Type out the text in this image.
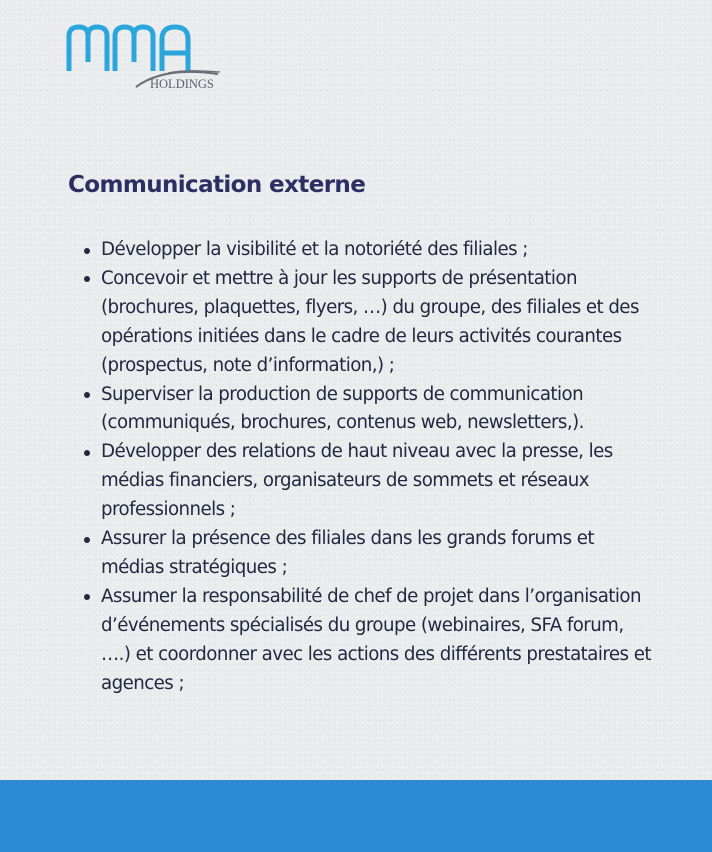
HOLDINGS
Communication externe
Développer la visibilité et la notoriété des filiales ;
Concevoir et mettre à jour les supports de présentation (brochures, plaquettes, flyers, …) du groupe, des filiales et des opérations initiées dans le cadre de leurs activités courantes (prospectus, note d’information,) ;
Superviser la production de supports de communication (communiqués, brochures, contenus web, newsletters,).
Développer des relations de haut niveau avec la presse, les médias financiers, organisateurs de sommets et réseaux professionnels ;
Assurer la présence des filiales dans les grands forums et médias stratégiques ;
Assumer la responsabilité de chef de projet dans l’organisation d’événements spécialisés du groupe (webinaires, SFA forum, ….) et coordonner avec les actions des différents prestataires et agences ;
